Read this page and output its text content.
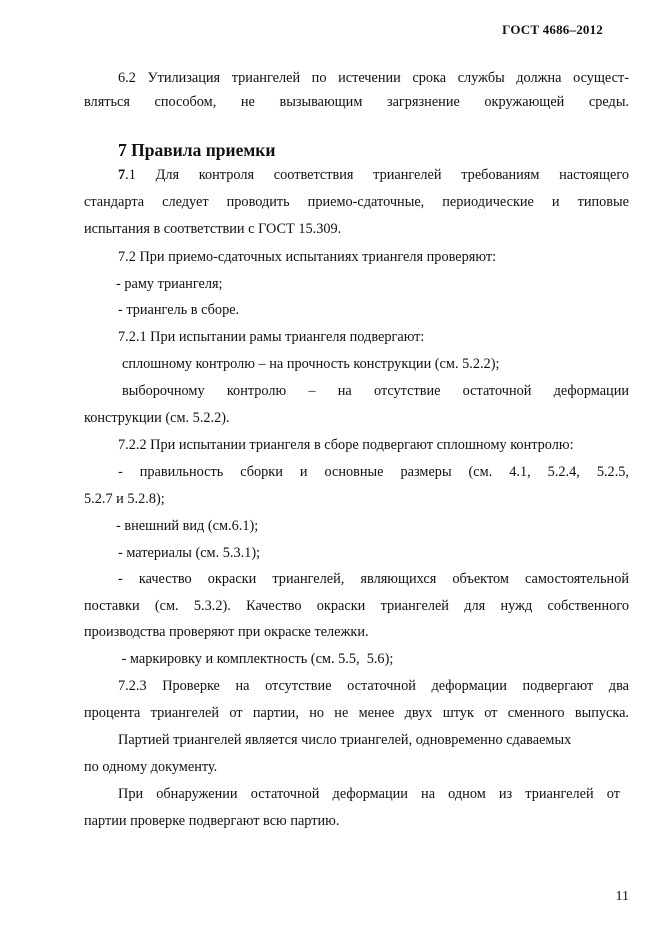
ГОСТ 4686–2012
6.2 Утилизация триангелей по истечении срока службы должна осущест-
вляться способом, не вызывающим загрязнение окружающей среды.
7 Правила приемки
7.1 Для контроля соответствия триангелей требованиям настоящего
стандарта следует проводить приемо-сдаточные, периодические и типовые
испытания в соответствии с ГОСТ 15.309.
7.2 При приемо-сдаточных испытаниях триангеля проверяют:
- раму триангеля;
- триангель в сборе.
7.2.1 При испытании рамы триангеля подвергают:
сплошному контролю – на прочность конструкции (см. 5.2.2);
выборочному контролю – на отсутствие остаточной деформации
конструкции (см. 5.2.2).
7.2.2 При испытании триангеля в сборе подвергают сплошному контролю:
- правильность сборки и основные размеры (см. 4.1, 5.2.4, 5.2.5,
5.2.7 и 5.2.8);
- внешний вид (см.6.1);
- материалы (см. 5.3.1);
- качество окраски триангелей, являющихся объектом самостоятельной
поставки (см. 5.3.2). Качество окраски триангелей для нужд собственного
производства проверяют при окраске тележки.
- маркировку и комплектность (см. 5.5,  5.6);
7.2.3 Проверке на отсутствие остаточной деформации подвергают два
процента триангелей от партии, но не менее двух штук от сменного выпуска.
Партией триангелей является число триангелей, одновременно сдаваемых
по одному документу.
При обнаружении остаточной деформации на одном из триангелей от
партии проверке подвергают всю партию.
11
